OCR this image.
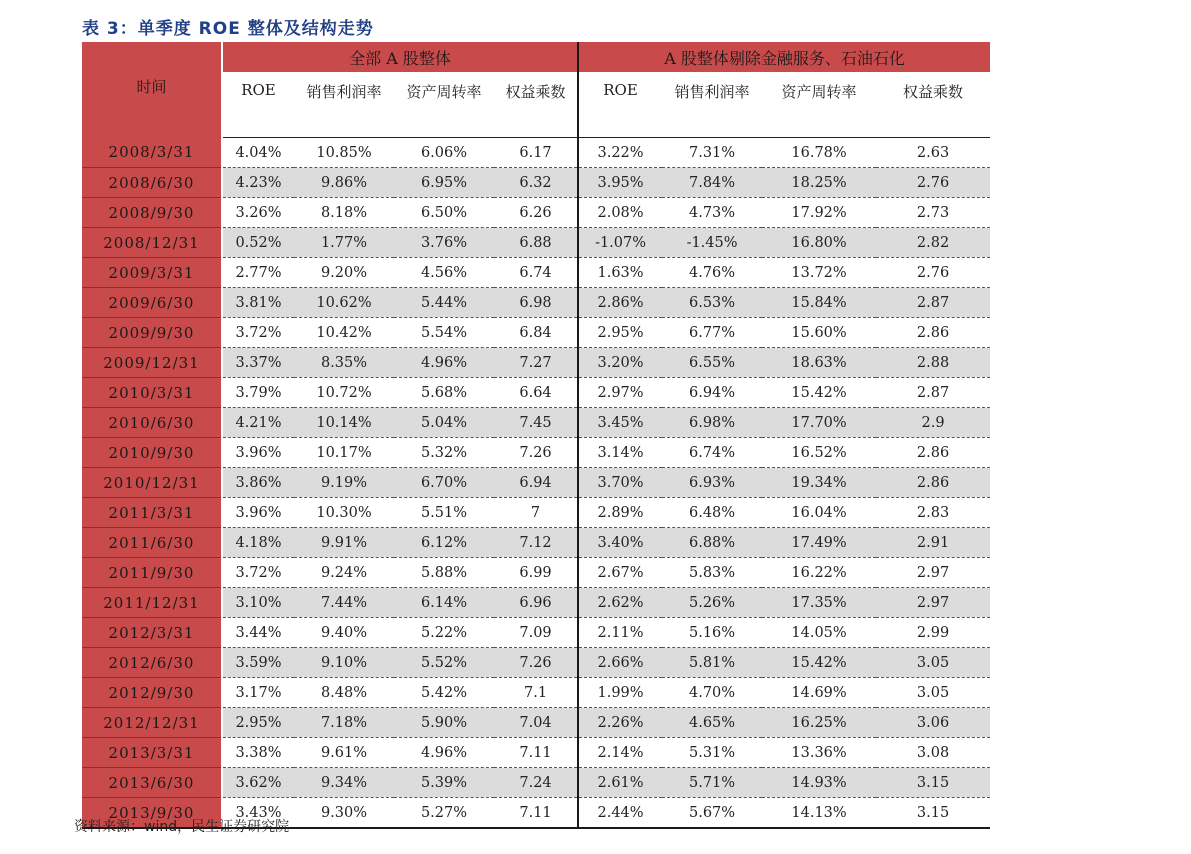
表 3：单季度 ROE 整体及结构走势
时间	全部 A 股整体				A 股整体剔除金融服务、石油石化			
	ROE	销售利润率	资产周转率	权益乘数	ROE	销售利润率	资产周转率	权益乘数
2008/3/31	4.04%	10.85%	6.06%	6.17	3.22%	7.31%	16.78%	2.63
2008/6/30	4.23%	9.86%	6.95%	6.32	3.95%	7.84%	18.25%	2.76
2008/9/30	3.26%	8.18%	6.50%	6.26	2.08%	4.73%	17.92%	2.73
2008/12/31	0.52%	1.77%	3.76%	6.88	-1.07%	-1.45%	16.80%	2.82
2009/3/31	2.77%	9.20%	4.56%	6.74	1.63%	4.76%	13.72%	2.76
2009/6/30	3.81%	10.62%	5.44%	6.98	2.86%	6.53%	15.84%	2.87
2009/9/30	3.72%	10.42%	5.54%	6.84	2.95%	6.77%	15.60%	2.86
2009/12/31	3.37%	8.35%	4.96%	7.27	3.20%	6.55%	18.63%	2.88
2010/3/31	3.79%	10.72%	5.68%	6.64	2.97%	6.94%	15.42%	2.87
2010/6/30	4.21%	10.14%	5.04%	7.45	3.45%	6.98%	17.70%	2.9
2010/9/30	3.96%	10.17%	5.32%	7.26	3.14%	6.74%	16.52%	2.86
2010/12/31	3.86%	9.19%	6.70%	6.94	3.70%	6.93%	19.34%	2.86
2011/3/31	3.96%	10.30%	5.51%	7	2.89%	6.48%	16.04%	2.83
2011/6/30	4.18%	9.91%	6.12%	7.12	3.40%	6.88%	17.49%	2.91
2011/9/30	3.72%	9.24%	5.88%	6.99	2.67%	5.83%	16.22%	2.97
2011/12/31	3.10%	7.44%	6.14%	6.96	2.62%	5.26%	17.35%	2.97
2012/3/31	3.44%	9.40%	5.22%	7.09	2.11%	5.16%	14.05%	2.99
2012/6/30	3.59%	9.10%	5.52%	7.26	2.66%	5.81%	15.42%	3.05
2012/9/30	3.17%	8.48%	5.42%	7.1	1.99%	4.70%	14.69%	3.05
2012/12/31	2.95%	7.18%	5.90%	7.04	2.26%	4.65%	16.25%	3.06
2013/3/31	3.38%	9.61%	4.96%	7.11	2.14%	5.31%	13.36%	3.08
2013/6/30	3.62%	9.34%	5.39%	7.24	2.61%	5.71%	14.93%	3.15
2013/9/30	3.43%	9.30%	5.27%	7.11	2.44%	5.67%	14.13%	3.15
资料来源：wind，民生证券研究院
